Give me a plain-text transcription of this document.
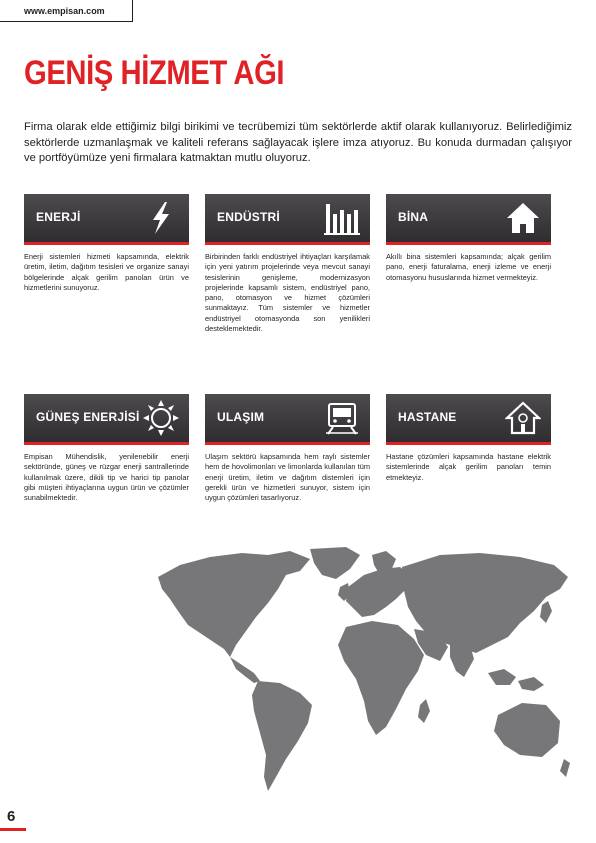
www.empisan.com
GENİŞ HİZMET AĞI
Firma olarak elde ettiğimiz bilgi birikimi ve tecrübemizi tüm sektörlerde aktif olarak kullanıyoruz. Belirlediğimiz sektörlerde uzmanlaşmak ve kaliteli referans sağlayacak işlere imza atıyoruz. Bu konuda durmadan çalışıyor ve portföyümüze yeni firmalara katmaktan mutlu oluyoruz.
ENERJİ
Enerji sistemleri hizmeti kapsamında, elektrik üretim, iletim, dağıtım tesisleri ve organize sanayi bölgelerinde alçak gerilim panoları ürün ve hizmetlerini sunuyoruz.
ENDÜSTRİ
Birbirinden farklı endüstriyel ihtiyaçları karşılamak için yeni yatırım projelerinde veya mevcut sanayi tesislerinin genişleme, modernizasyon projelerinde kapsamlı sistem, endüstriyel pano, pano, otomasyon ve hizmet çözümleri sunmaktayız. Tüm sistemler ve hizmetler endüstriyel otomasyonda son yenilikleri desteklemektedir.
BİNA
Akıllı bina sistemleri kapsamında; alçak gerilim pano, enerji faturalama, enerji izleme ve enerji otomasyonu hususlarında hizmet vermekteyiz.
GÜNEŞ ENERJİSİ
Empisan Mühendislik, yenilenebilir enerji sektöründe, güneş ve rüzgar enerji santrallerinde kullanılmak üzere, dikili tip ve harici tip panolar gibi müşteri ihtiyaçlarına uygun ürün ve çözümler sunabilmektedir.
ULAŞIM
Ulaşım sektörü kapsamında hem raylı sistemler hem de hovolimonları ve limonlarda kullanılan tüm enerji üretim, iletim ve dağıtım distemleri için gerekli ürün ve hizmetleri sunuyor, sistem için uygun çözümleri tasarlıyoruz.
HASTANE
Hastane çözümleri kapsamında hastane elektrik sistemlerinde alçak gerilim panoları temin etmekteyiz.
6
